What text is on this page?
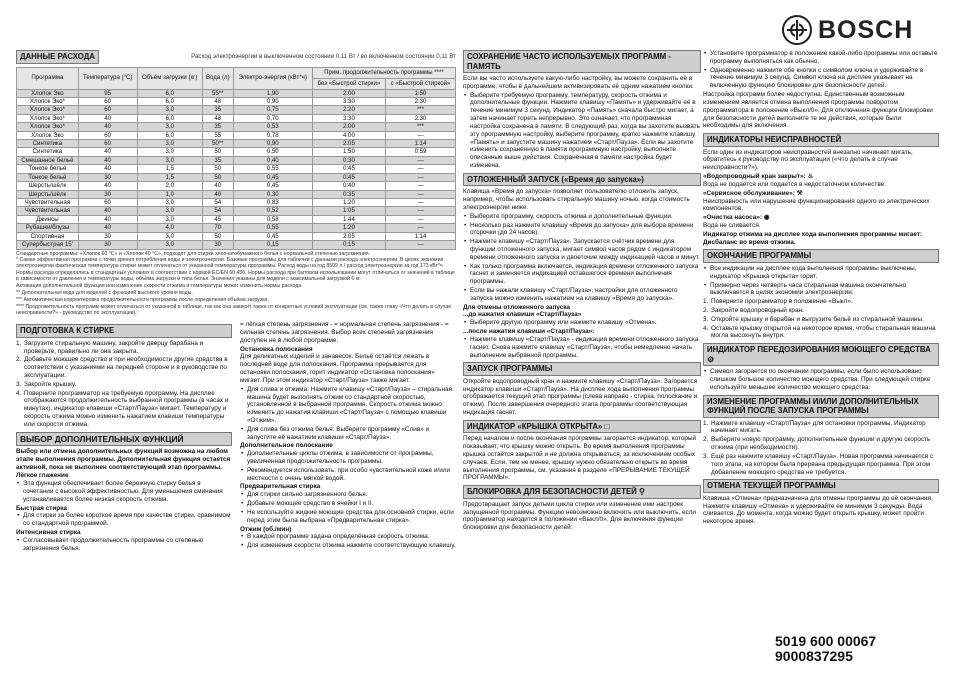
BOSCH
ДАННЫЕ РАСХОДА	Расход электроэнергии в выключенном состоянии 0,11 Вт / во включенном состоянии 0,11 Вт
Программа	Температура (°C)	Объём загрузки (кг)	Вода (л)	Электро-энергия (кВт*ч)	Прим. продолжительность программы ****	
					без «Быстрой стирки»	с «Быстрой стиркой»
Хлопок Эко	95	6,0	55**	1,90	2:00	1:50
Хлопок Эко*	60	6,0	48	0,90	3:30	2:30
Хлопок Эко*	60	3,0	35	0,75	2:20	***
Хлопок Эко*	40	6,0	48	0,70	3:30	2:30
Хлопок Эко*	40	3,0	35	0,53	2:00	***
Хлопок Эко	60	6,0	55	0,78	4:00	—
Синтетика	60	3,0	50**	0,90	2:05	1:14
Синтетика	40	3,0	50	0,50	1:50	0:59
Смешанное бельё	40	3,0	35	0,40	0:30	—
Тонкое бельё	40	1,5	50	0,55	0:45	—
Тонкое бельё	30	1,5	50	0,45	0:45	—
Шерсть/шёлк	40	2,0	40	0,45	0:40	—
Шерсть/шёлк	30	1,0	40	0,30	0:35	—
Чувствительная	60	3,0	54	0,83	1:20	—
Чувствительная	40	3,0	54	0,52	1:05	—
Джинсы	40	3,0	45	0,58	1:44	—
Рубашки/блузы	40	4,0	70	0,55	1:20	—
Спортивная	30	3,0	50	0,45	2:05	1:14
Супербыстрая 15'	30	3,0	30	0,15	0:15	—

Стандартные программы: «Хлопок 60 °C» и «Хлопок 40 °C», подходят для стирки хлопчатобумажного белья с нормальной степенью загрязнения.

* Самая эффективная программа с точки зрения потребления воды и электроэнергии. Базовые программы для таблички с данными расхода электроэнергии. В целях экономии электроэнергии фактическая температура стирки может отличаться от указанной температуры программы. Расход воды на год 8509 л / расход электроэнергии за год 173 кВт*ч

Нормы расхода определялись в стандартных условиях в соответствии с нормой EC/EN 60 456. Нормы расхода при бытовом использовании могут отличаться от значений в таблице в зависимости от давления и температуры воды, объёма загрузки и типа белья. Значения указаны для модели с максимальной загрузкой 6 кг.

Активация дополнительной функции или изменение скорости отжима и температуры может изменить нормы расхода.

** Дополнительная вода для моделей с функцией высокого уровня воды.

*** Автоматическая корректировка продолжительности программы после определения объёма загрузки.

**** Продолжительность программ может отличаться от указанной в таблице, так как она зависит также от конкретных условий эксплуатации (см. также главу «Что делать в случае неисправности?» - руководство по эксплуатации).

ПОДГОТОВКА К СТИРКЕ
1. Загрузите стиральную машину, закройте дверцу барабана и проверьте, правильно ли она закрыта.
2. Добавьте моющее средство и при необходимости другие средства в соответствии с указаниями на передней стороне и в руководстве по эксплуатации.
3. Закройте крышку.
4. Поверните программатор на требуемую программу. На дисплее отображаются продолжительность выбранной программы (в часах и минутах), индикатор клавиши «Старт/Пауза» мигает. Температуру и скорость отжима можно изменить нажатием клавиши температуры или скорости отжима.
ВЫБОР ДОПОЛНИТЕЛЬНЫХ ФУНКЦИЙ
Выбор или отмена дополнительных функций возможна на любом этапе выполнения программы. Дополнительная функция остается активной, пока не выполнен соответствующий этап программы.
Лёгкое глажение
• Эта функция обеспечивает более бережную стирку белья в сочетании с высокой эффективностью. Для уменьшения сминания устанавливается более низкая скорость отжима.
Быстрая стирка
• Для стирки за более короткое время при качестве стирки, сравнимом со стандартной программой.
Интенсивная стирка
• Согласовывает продолжительность программы со степенью загрязнения белья.
= лёгкая степень загрязнения - = нормальная степень загрязнения - = сильная степень загрязнения. Выбор всех степеней загрязнения доступен не в любой программе.
Остановка полоскания
Для деликатных изделий и занавесок. Бельё остаётся лежать в последней воде для полоскания. Программа прерывается для остановки полоскания, горит индикатор «Остановка полоскания» мигает. При этом индикатор «Старт/Пауза» также мигает.
• Для слива и отжима: Нажмите клавишу «Старт/Пауза» – стиральная машина будет выполнять отжим со стандартной скоростью, установленной в выбранной программе. Скорость отжима можно изменить до нажатия клавиши «Старт/Пауза» с помощью клавиши «Отжим».
• Для слива без отжима белья: Выберите программу «Слив» и запустите её нажатием клавиши «Старт/Пауза».
Дополнительное полоскание
• Дополнительные циклы отжима, в зависимости от программы, увеличенная продолжительность программы.
• Рекомендуется использовать: при особо чувствительной коже и/или местности с очень мягкой водой.
Предварительная стирка
• Для стирки сильно загрязненного белья.
• Добавьте моющее средство в ячейки I и II.
• Не используйте жидкие моющие средства для основной стирки, если перед этим была выбрана «Предварительная стирка».
Отжим (об./мин)
• В каждой программе задана определённая скорость отжима.
• Для изменения скорости отжима нажмите соответствующую клавишу.
СОХРАНЕНИЕ ЧАСТО ИСПОЛЬЗУЕМЫХ ПРОГРАММ - ПАМЯТЬ
Если вы часто используете какую-либо настройку, вы можете сохранить её в программе, чтобы в дальнейшем активизировать её одним нажатием кнопки.
• Выберите требуемую программу, температуру, скорость отжима и дополнительные функции. Нажмите клавишу «Память» и удерживайте её в течение минимум 3 секунд. Индикатор «Память» сначала быстро мигает, а затем начинает гореть непрерывно. Это означает, что программная настройка сохранена в памяти. В следующий раз, когда вы захотите вызвать эту программную настройку, выберите программу, кратко нажмите клавишу «Память» и запустите машину нажатием «Старт/Пауза». Если вы захотите изменить сохраненную в памяти программную настройку, выполните описанные выше действия. Сохранённая в памяти настройка будет изменена.
ОТЛОЖЕННЫЙ ЗАПУСК («Время до запуска»)
Клавиша «Время до запуска» позволяет пользователю отложить запуск, например, чтобы использовать стиральную машину ночью, когда стоимость электроэнергии ниже.
• Выберите программу, скорость отжима и дополнительные функции.
• Несколько раз нажмите клавишу «Время до запуска» для выбора времени отсрочки (до 24 часов).
• Нажмите клавишу «Старт/Пауза». Запускается счётчик времени для функции отложенного запуска, мигает символ часов рядом с индикатором времени отложенного запуска и двоеточие между индикацией часов и минут.
• Как только программа включается, индикация времени отложенного запуска гаснет и заменяется индикацией оставшегося времени выполнения программы.
• Если вы нажали клавишу «Старт/Пауза», настройки для отложенного запуска можно изменить нажатием на клавишу «Время до запуска».
Для отмены отложенного запуска
...до нажатия клавиши «Старт/Пауза»
• Выберите другую программу или нажмите клавишу «Отмена».
...после нажатия клавиши «Старт/Пауза»:
• Нажмите клавишу «Старт/Пауза» - индикация времени отложенного запуска гаснет. Снова нажмите клавишу «Старт/Пауза», чтобы немедленно начать выполнение выбранной программы.
ЗАПУСК ПРОГРАММЫ
Откройте водопроводный кран и нажмите клавишу «Старт/Пауза». Загорается индикатор клавиши «Старт/Пауза». На дисплее хода выполнения программы отображается текущий этап программы (слева направо - стирка, полоскание и отжим). После завершения очередного этапа программы соответствующая индикация гаснет.
ИНДИКАТОР «КРЫШКА ОТКРЫТА» □
Перед началом и после окончания программы загорается индикатор, который показывает, что крышку можно открыть. Во время выполнения программы крышка остаётся закрытой и не должна открываться, за исключением особых случаев. Если, тем не менее, крышку нужно обязательно открыть во время выполнения программы, см. указания в разделе «ПРЕРЫВАНИЕ ТЕКУЩЕЙ ПРОГРАММЫ».
БЛОКИРОВКА ДЛЯ БЕЗОПАСНОСТИ ДЕТЕЙ ⚲
Предотвращает запуск детьми цикла стирки или изменение ими настроек запущенной программы. Функцию невозможно включить или выключить, если программатор находится в положении «Выкл/0». Для включения функции блокировки для безопасности детей:
• Установите программатор в положение какой-либо программы или оставьте программу выполняться как обычно.
• Одновременно нажмите обе кнопки с символом ключа и удерживайте в течение минимум 3 секунд. Символ ключа на дисплее указывает на включенную функцию блокировки для безопасности детей.
Настройка программ более недоступна. Единственным возможным изменением является отмена выполнения программы поворотом программатора в положение «Выкл/0». Для отключения функции блокировки для безопасности детей выполните те же действия, которые были необходимы для включения.
ИНДИКАТОРЫ НЕИСПРАВНОСТЕЙ
Если один из индикаторов неисправностей внезапно начинает мигать, обратитесь к руководству по эксплуатации («Что делать в случае неисправности?»).
«Водопроводный кран закрыт»: ♨
Вода не подаётся или подается в недостаточном количестве.
«Сервисное обслуживание»: ⚒
Неисправность или нарушение функционирования одного из электрических компонентов.
«Очистка насоса»: ◉
Вода не сливается.
Индикатор отжима на дисплее хода выполнения программы мигает: Дисбаланс во время отжима.
ОКОНЧАНИЕ ПРОГРАММЫ
• Все индикации на дисплее хода выполнения программы выключены, индикатор «Крышка открыта» горит.
• Примерно через четверть часа стиральная машина окончательно выключается в целях экономии электроэнергии.
1. Поверните программатор в положение «Выкл».
2. Закройте водопроводный кран.
3. Откройте крышку и барабан и выгрузите бельё из стиральной машины.
4. Оставьте крышку открытой на некоторое время, чтобы стиральная машина могла высохнуть внутри.
ИНДИКАТОР ПЕРЕДОЗИРОВАНИЯ МОЮЩЕГО СРЕДСТВА ⚙
• Символ загорается по окончании программы, если было использовано слишком большое количество моющего средства. При следующей стирке используйте меньшее количество моющего средства.
ИЗМЕНЕНИЕ ПРОГРАММЫ И/ИЛИ ДОПОЛНИТЕЛЬНЫХ ФУНКЦИЙ ПОСЛЕ ЗАПУСКА ПРОГРАММЫ
1. Нажмите клавишу «Старт/Пауза» для остановки программы. Индикатор начинает мигать.
2. Выберите новую программу, дополнительные функции и другую скорость отжима (при необходимости).
3. Ещё раз нажмите клавишу «Старт/Пауза». Новая программа начинается с того этапа, на котором была прервана предыдущая программа. При этом добавление моющего средства не требуется.
ОТМЕНА ТЕКУЩЕЙ ПРОГРАММЫ
Клавиша «Отмена» предназначена для отмены программы до её окончания. Нажмите клавишу «Отмена» и удерживайте ее минимум 3 секунды. Вода сливается. До момента, когда можно будет открыть крышку, может пройти некоторое время.
5019 600 00067
9000837295
